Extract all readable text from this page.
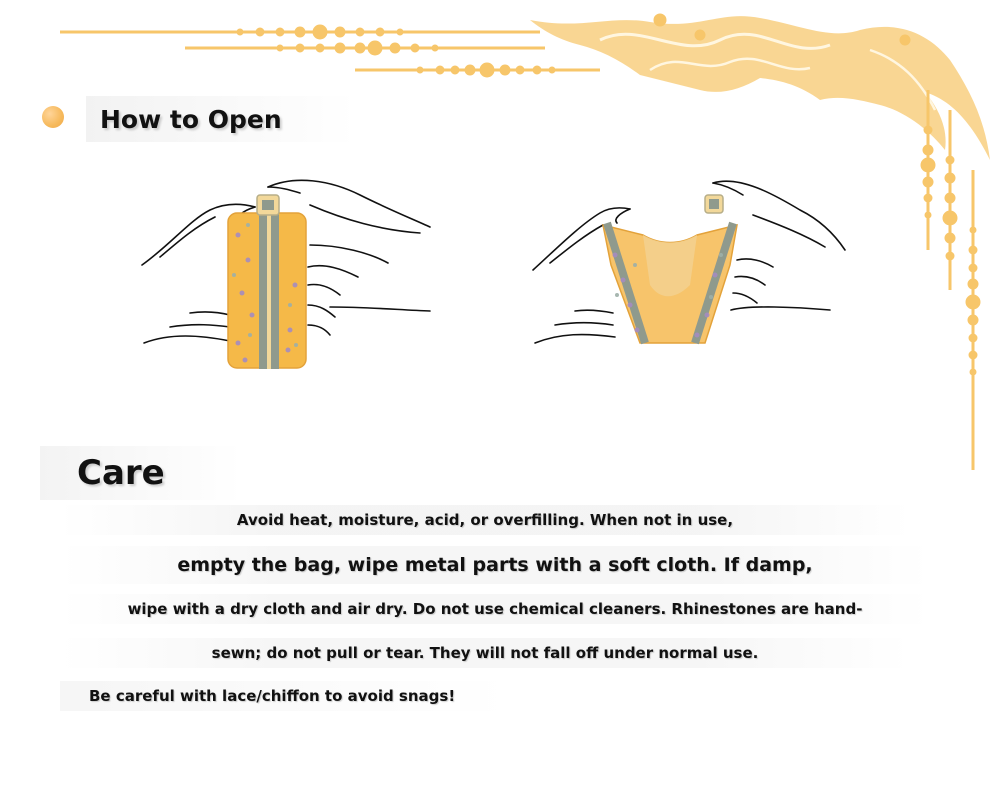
How to Open
Care
Avoid heat, moisture, acid, or overfilling. When not in use,
empty the bag, wipe metal parts with a soft cloth. If damp,
wipe with a dry cloth and air dry. Do not use chemical cleaners. Rhinestones are hand-
sewn; do not pull or tear. They will not fall off under normal use.
Be careful with lace/chiffon to avoid snags!
